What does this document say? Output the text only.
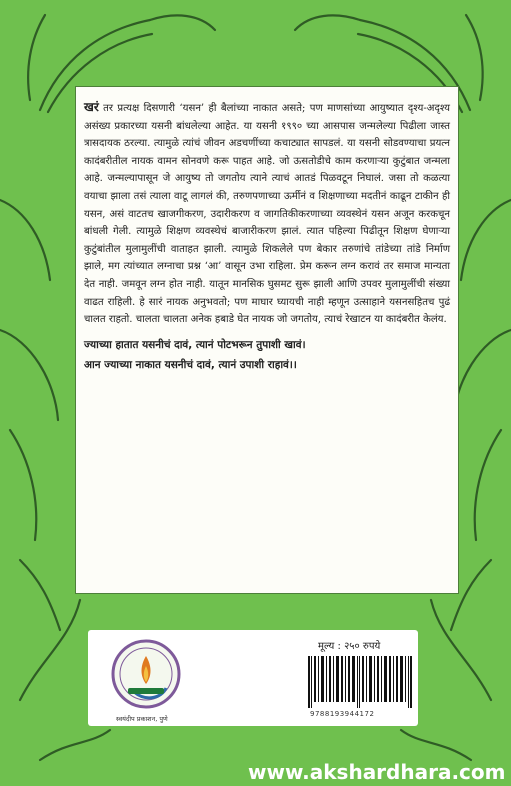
खरं तर प्रत्यक्ष दिसणारी ‘यसन’ ही बैलांच्या नाकात असते; पण माणसांच्या आयुष्यात दृश्य-अदृश्य असंख्य प्रकारच्या यसनी बांधलेल्या आहेत. या यसनी १९९० च्या आसपास जन्मलेल्या पिढीला जास्त त्रासदायक ठरल्या. त्यामुळे त्यांचं जीवन अडचणींच्या कचाट्यात सापडलं. या यसनी सोडवण्याचा प्रयत्न कादंबरीतील नायक वामन सोनवणे करू पाहत आहे. जो ऊसतोडीचे काम करणाऱ्या कुटुंबात जन्मला आहे. जन्मल्यापासून जे आयुष्य तो जगतोय त्याने त्याचं आतडं पिळवटून निघालं. जसा तो कळत्या वयाचा झाला तसं त्याला वाटू लागलं की, तरुणपणाच्या ऊर्मीनं व शिक्षणाच्या मदतीनं काढून टाकीन ही यसन, असं वाटतच खाजगीकरण, उदारीकरण व जागतिकीकरणाच्या व्यवस्थेनं यसन अजून करकचून बांधली गेली. त्यामुळे शिक्षण व्यवस्थेचं बाजारीकरण झालं. त्यात पहिल्या पिढीतून शिक्षण घेणाऱ्या कुटुंबांतील मुलामुलींची वाताहत झाली. त्यामुळे शिकलेले पण बेकार तरुणांचे तांडेच्या तांडे निर्माण झाले, मग त्यांच्यात लग्नाचा प्रश्न ‘आ’ वासून उभा राहिला. प्रेम करून लग्न करावं तर समाज मान्यता देत नाही. जमवून लग्न होत नाही. यातून मानसिक घुसमट सुरू झाली आणि उपवर मुलामुलींची संख्या वाढत राहिली. हे सारं नायक अनुभवतो; पण माघार घ्यायची नाही म्हणून उत्साहाने यसनसहितच पुढं चालत राहतो. चालता चालता अनेक हबाडे घेत नायक जो जगतोय, त्याचं रेखाटन या कादंबरीत केलंय.

ज्याच्या हातात यसनीचं दावं, त्यानं पोटभरून तुपाशी खावं।
आन ज्याच्या नाकात यसनीचं दावं, त्यानं उपाशी राहावं।।
स्वयंदीप प्रकाशन, पुणे
मूल्य : २५० रुपये
9788193944172
www.akshardhara.com
